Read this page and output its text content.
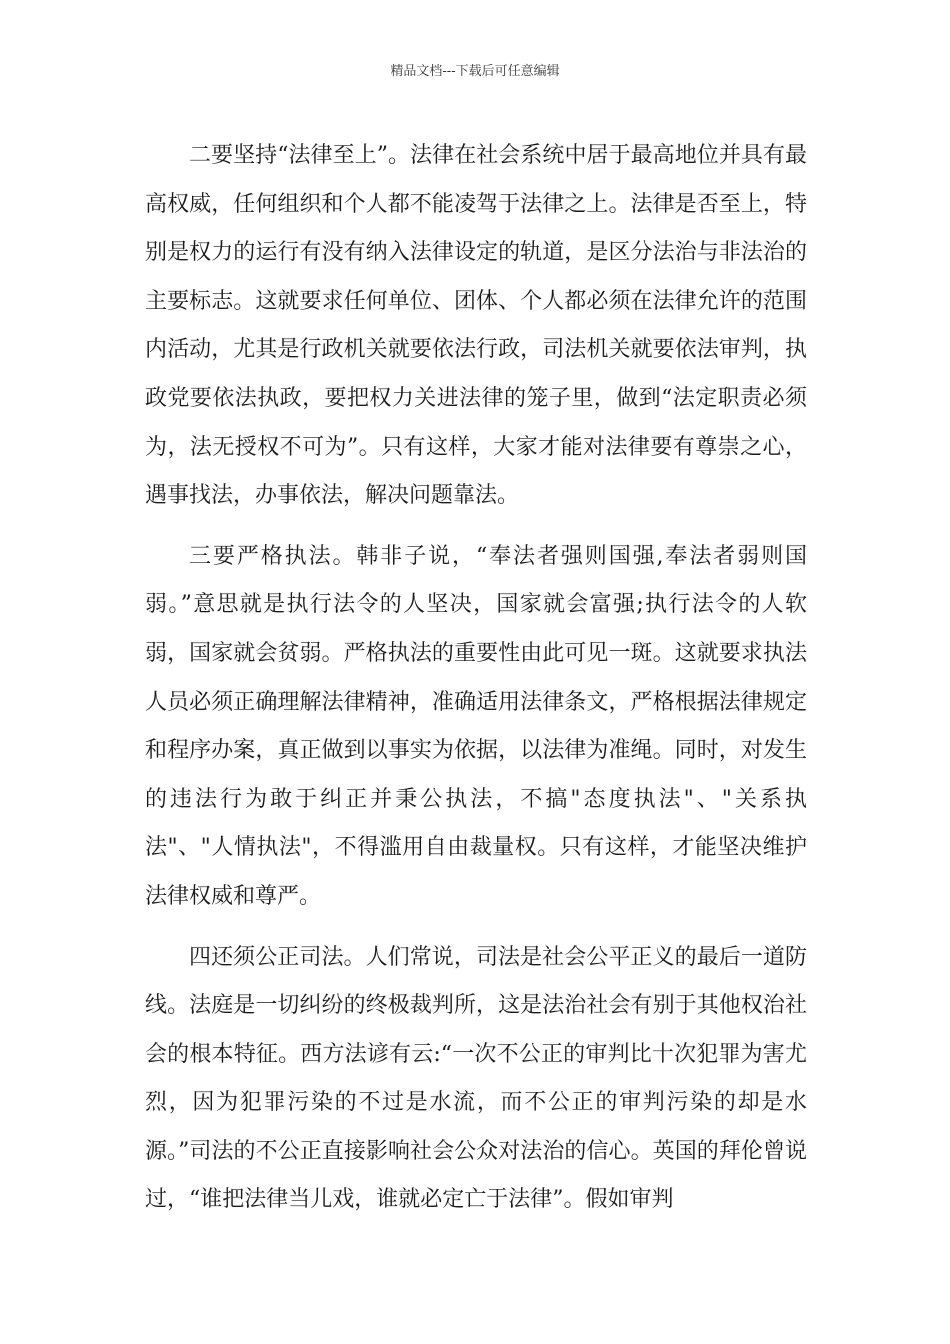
精品文档---下载后可任意编辑

二要坚持“法律至上”。法律在社会系统中居于最高地位并具有最高权威，任何组织和个人都不能凌驾于法律之上。法律是否至上，特别是权力的运行有没有纳入法律设定的轨道，是区分法治与非法治的主要标志。这就要求任何单位、团体、个人都必须在法律允许的范围内活动，尤其是行政机关就要依法行政，司法机关就要依法审判，执政党要依法执政，要把权力关进法律的笼子里，做到“法定职责必须为，法无授权不可为”。只有这样，大家才能对法律要有尊崇之心，遇事找法，办事依法，解决问题靠法。

三要严格执法。韩非子说，“奉法者强则国强,奉法者弱则国弱。”意思就是执行法令的人坚决，国家就会富强;执行法令的人软弱，国家就会贫弱。严格执法的重要性由此可见一斑。这就要求执法人员必须正确理解法律精神，准确适用法律条文，严格根据法律规定和程序办案，真正做到以事实为依据，以法律为准绳。同时，对发生的违法行为敢于纠正并秉公执法，不搞"态度执法"、"关系执法"、"人情执法"，不得滥用自由裁量权。只有这样，才能坚决维护法律权威和尊严。

四还须公正司法。人们常说，司法是社会公平正义的最后一道防线。法庭是一切纠纷的终极裁判所，这是法治社会有别于其他权治社会的根本特征。西方法谚有云:“一次不公正的审判比十次犯罪为害尤烈，因为犯罪污染的不过是水流，而不公正的审判污染的却是水源。”司法的不公正直接影响社会公众对法治的信心。英国的拜伦曾说过，“谁把法律当儿戏，谁就必定亡于法律”。假如审判
